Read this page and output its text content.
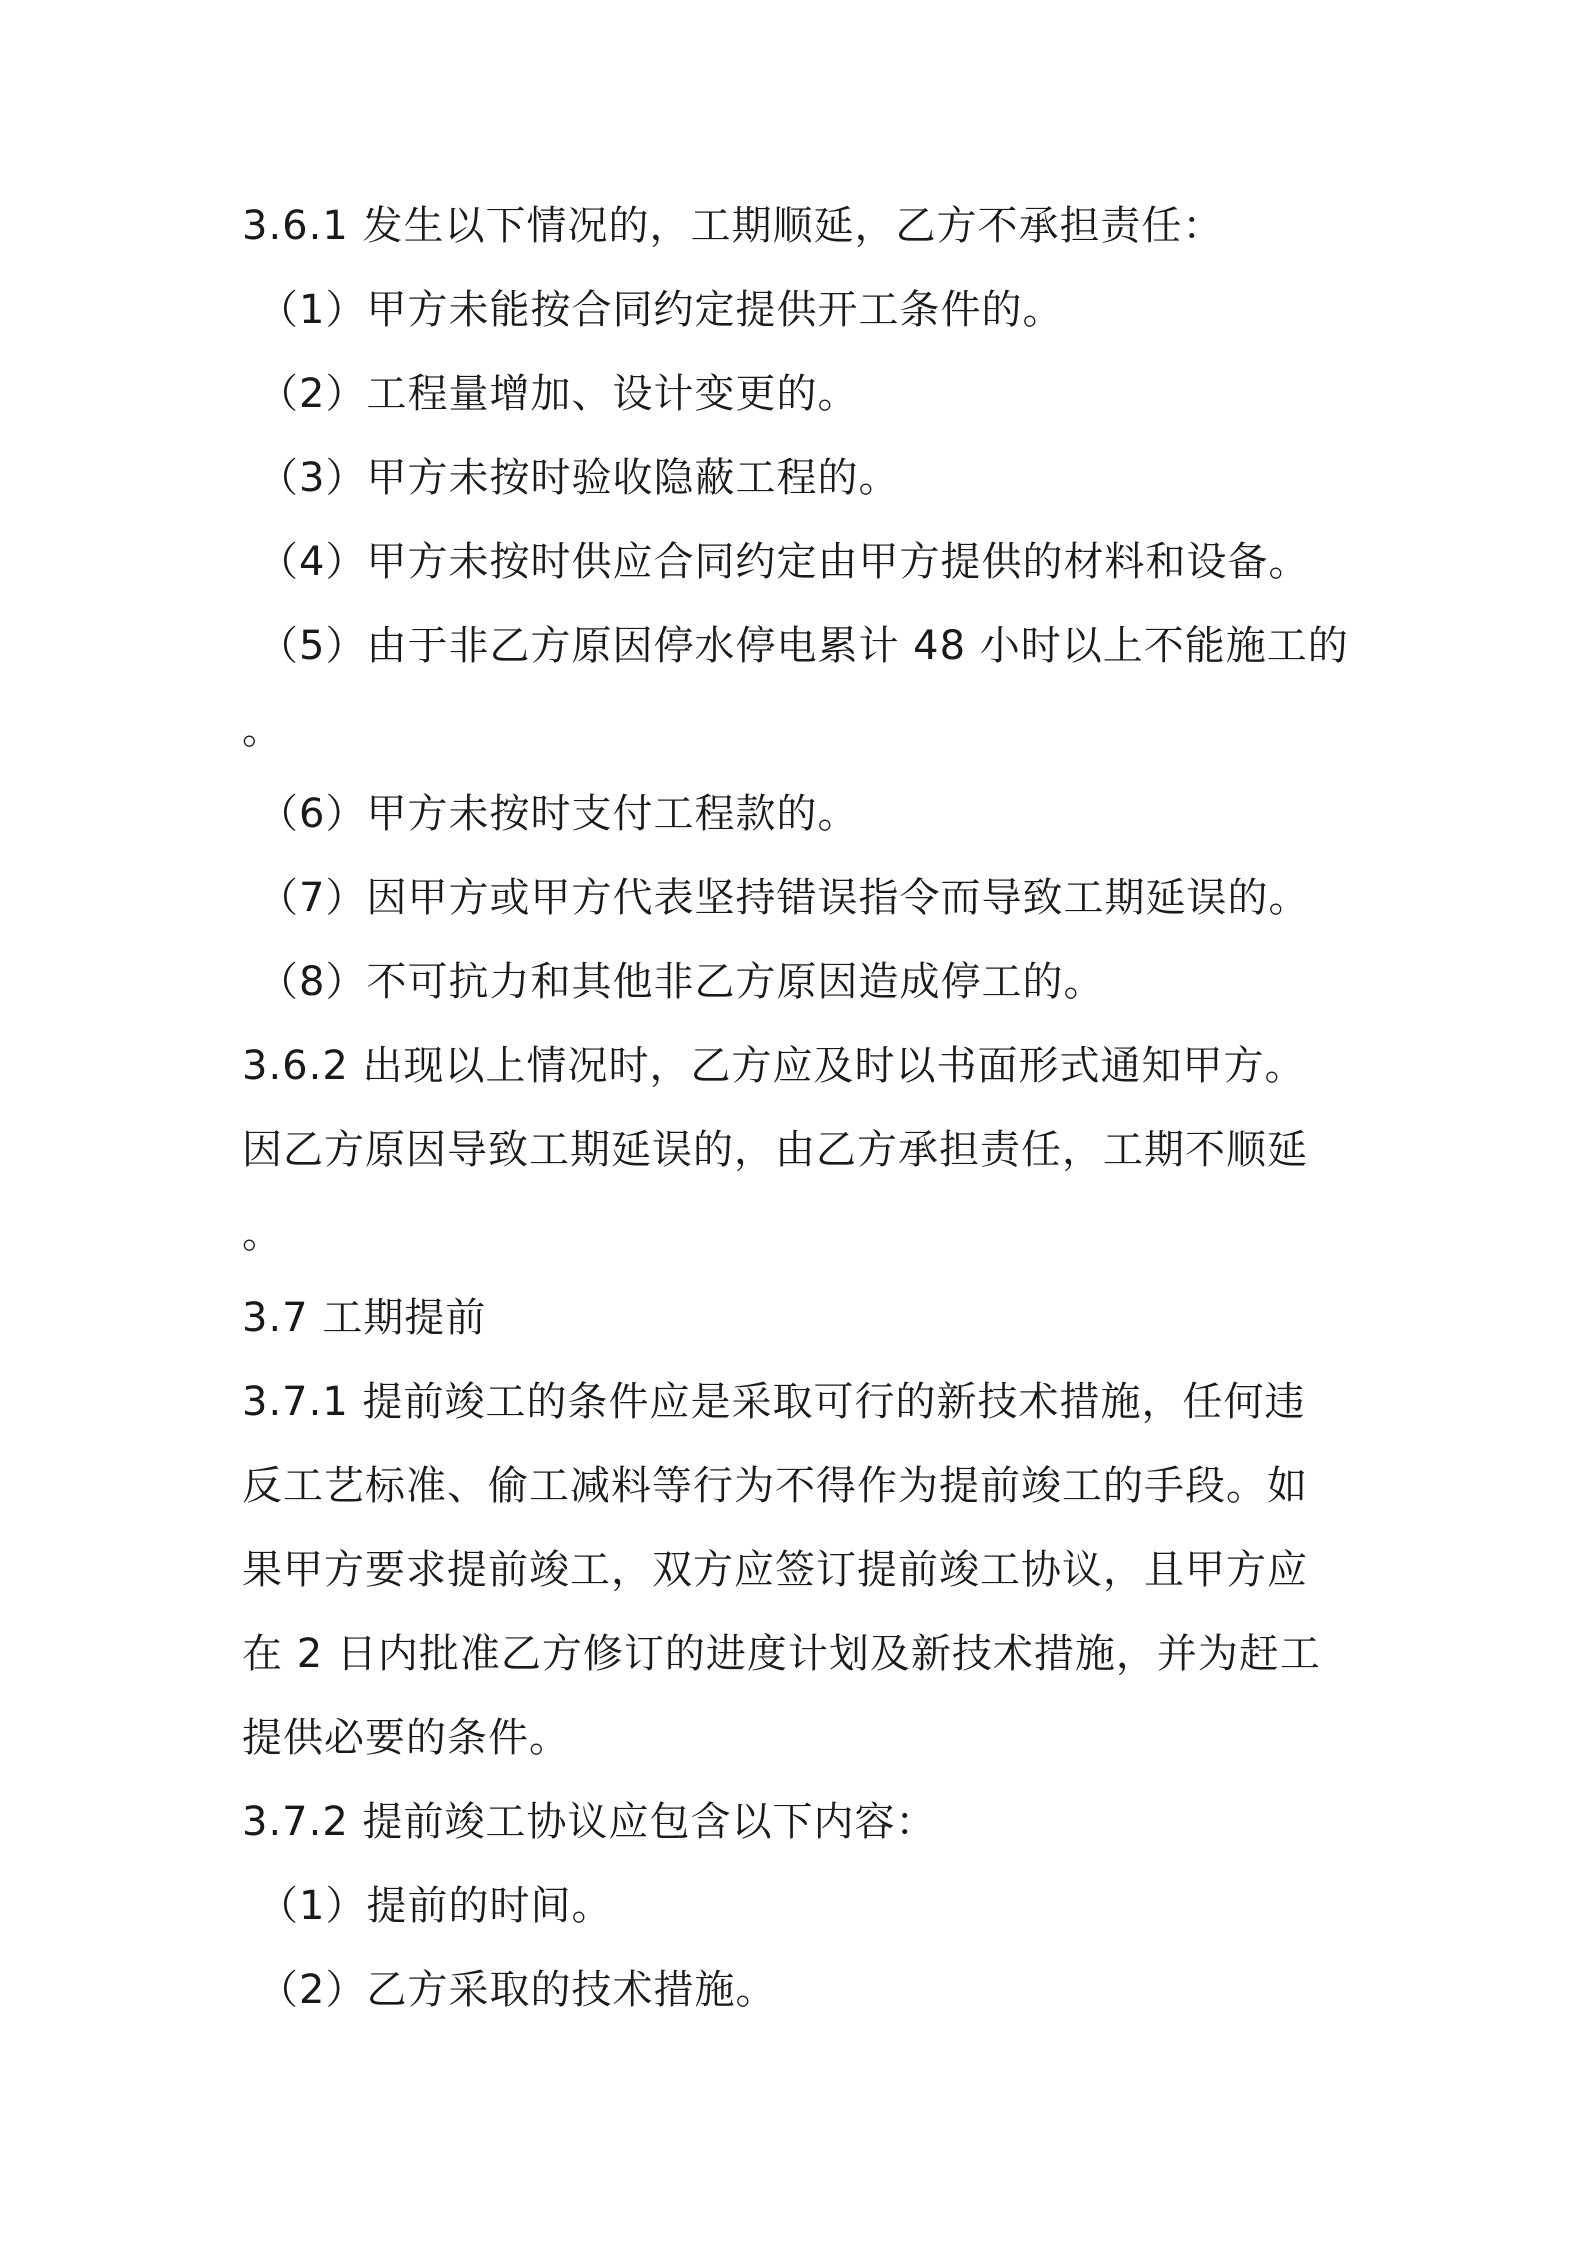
3.6.1 发生以下情况的，工期顺延，乙方不承担责任：
（1）甲方未能按合同约定提供开工条件的。
（2）工程量增加、设计变更的。
（3）甲方未按时验收隐蔽工程的。
（4）甲方未按时供应合同约定由甲方提供的材料和设备。
（5）由于非乙方原因停水停电累计 48 小时以上不能施工的
。
（6）甲方未按时支付工程款的。
（7）因甲方或甲方代表坚持错误指令而导致工期延误的。
（8）不可抗力和其他非乙方原因造成停工的。
3.6.2 出现以上情况时，乙方应及时以书面形式通知甲方。
因乙方原因导致工期延误的，由乙方承担责任，工期不顺延
。
3.7 工期提前
3.7.1 提前竣工的条件应是采取可行的新技术措施，任何违
反工艺标准、偷工减料等行为不得作为提前竣工的手段。如
果甲方要求提前竣工，双方应签订提前竣工协议，且甲方应
在 2 日内批准乙方修订的进度计划及新技术措施，并为赶工
提供必要的条件。
3.7.2 提前竣工协议应包含以下内容：
（1）提前的时间。
（2）乙方采取的技术措施。
